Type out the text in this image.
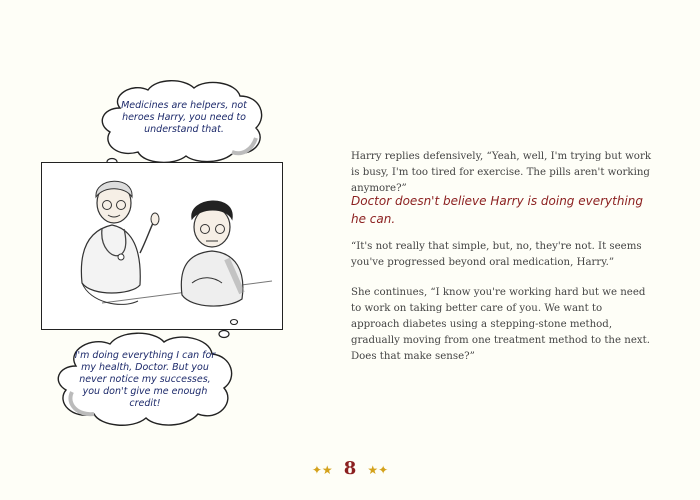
Medicines are helpers, not heroes Harry, you need to understand that.
I'm doing everything I can for my health, Doctor. But you never notice my successes, you don't give me enough credit!
Harry replies defensively, “Yeah, well, I'm trying but work is busy, I'm too tired for exercise. The pills aren't working anymore?”
Doctor doesn't believe Harry is doing everything he can.
“It's not really that simple, but, no, they're not. It seems you've progressed beyond oral medication, Harry.”
She continues, “I know you're working hard but we need to work on taking better care of you. We want to approach diabetes using a stepping-stone method, gradually moving from one treatment method to the next. Does that make sense?”
✦★ 8 ★✦
